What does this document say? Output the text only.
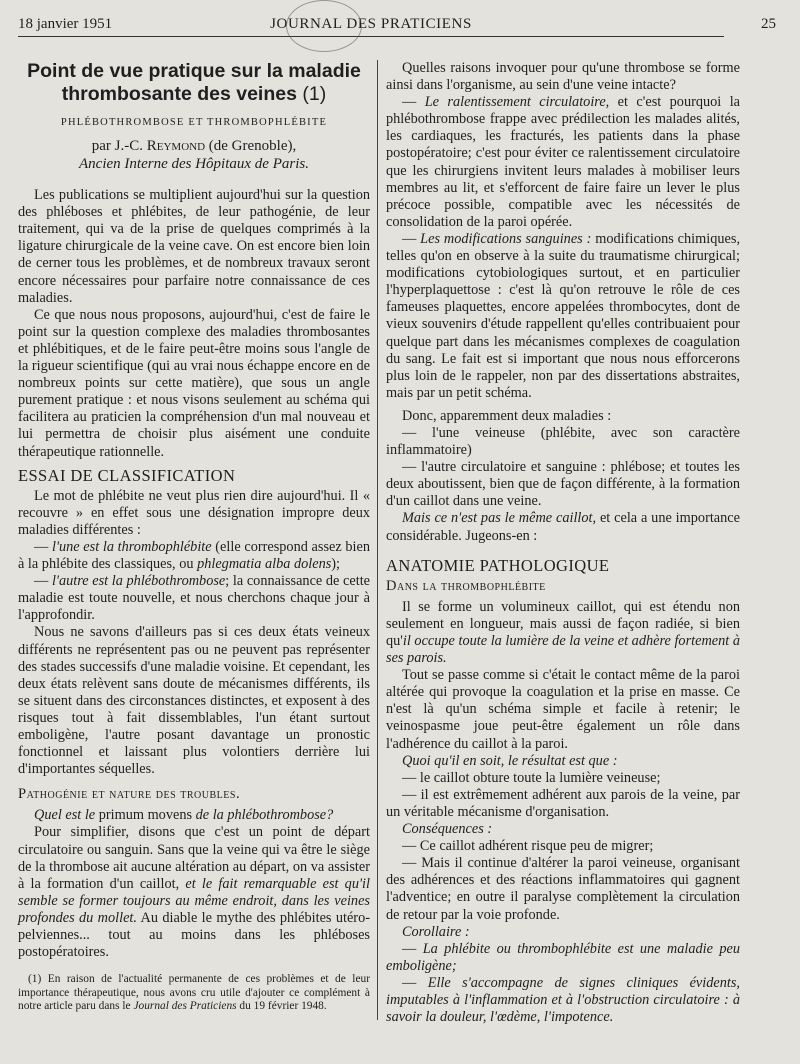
18 janvier 1951	JOURNAL DES PRATICIENS	25
Point de vue pratique sur la maladie thrombosante des veines (1)
PHLÉBOTHROMBOSE ET THROMBOPHLÉBITE
par J.-C. Reymond (de Grenoble),
Ancien Interne des Hôpitaux de Paris.

Les publications se multiplient aujourd'hui sur la question des phléboses et phlébites, de leur pathogénie, de leur traitement, qui va de la prise de quelques comprimés à la ligature chirurgicale de la veine cave. On est encore bien loin de cerner tous les problèmes, et de nombreux travaux seront encore nécessaires pour parfaire notre connaissance de ces maladies.

Ce que nous nous proposons, aujourd'hui, c'est de faire le point sur la question complexe des maladies thrombosantes et phlébitiques, et de le faire peut-être moins sous l'angle de la rigueur scientifique (qui au vrai nous échappe encore en de nombreux points sur cette matière), que sous un angle purement pratique : et nous visons seulement au schéma qui facilitera au praticien la compréhension d'un mal nouveau et lui permettra de choisir plus aisément une conduite thérapeutique rationnelle.

ESSAI DE CLASSIFICATION

Le mot de phlébite ne veut plus rien dire aujourd'hui. Il « recouvre » en effet sous une désignation impropre deux maladies différentes :

— l'une est la thrombophlébite (elle correspond assez bien à la phlébite des classiques, ou phlegmatia alba dolens);

— l'autre est la phlébothrombose; la connaissance de cette maladie est toute nouvelle, et nous cherchons chaque jour à l'approfondir.

Nous ne savons d'ailleurs pas si ces deux états veineux différents ne représentent pas ou ne peuvent pas représenter des stades successifs d'une maladie voisine. Et cependant, les deux états relèvent sans doute de mécanismes différents, ils se situent dans des circonstances distinctes, et exposent à des risques tout à fait dissemblables, l'un étant surtout emboligène, l'autre posant davantage un pronostic fonctionnel et laissant plus volontiers derrière lui d'importantes séquelles.

Pathogénie et nature des troubles.

Quel est le primum movens de la phlébothrombose?

Pour simplifier, disons que c'est un point de départ circulatoire ou sanguin. Sans que la veine qui va être le siège de la thrombose ait aucune altération au départ, on va assister à la formation d'un caillot, et le fait remarquable est qu'il semble se former toujours au même endroit, dans les veines profondes du mollet. Au diable le mythe des phlébites utéro-pelviennes... tout au moins dans les phléboses postopératoires.

(1) En raison de l'actualité permanente de ces problèmes et de leur importance thérapeutique, nous avons cru utile d'ajouter ce complément à notre article paru dans le Journal des Praticiens du 19 février 1948.

Quelles raisons invoquer pour qu'une thrombose se forme ainsi dans l'organisme, au sein d'une veine intacte?

— Le ralentissement circulatoire, et c'est pourquoi la phlébothrombose frappe avec prédilection les malades alités, les cardiaques, les fracturés, les patients dans la phase postopératoire; c'est pour éviter ce ralentissement circulatoire que les chirurgiens invitent leurs malades à mobiliser leurs membres au lit, et s'efforcent de faire faire un lever le plus précoce possible, compatible avec les nécessités de consolidation de la paroi opérée.

— Les modifications sanguines : modifications chimiques, telles qu'on en observe à la suite du traumatisme chirurgical; modifications cytobiologiques surtout, et en particulier l'hyperplaquettose : c'est là qu'on retrouve le rôle de ces fameuses plaquettes, encore appelées thrombocytes, dont de vieux souvenirs d'étude rappellent qu'elles contribuaient pour quelque part dans les mécanismes complexes de coagulation du sang. Le fait est si important que nous nous efforcerons plus loin de le rappeler, non par des dissertations abstraites, mais par un petit schéma.

Donc, apparemment deux maladies :

— l'une veineuse (phlébite, avec son caractère inflammatoire)

— l'autre circulatoire et sanguine : phlébose; et toutes les deux aboutissent, bien que de façon différente, à la formation d'un caillot dans une veine.

Mais ce n'est pas le même caillot, et cela a une importance considérable. Jugeons-en :

ANATOMIE PATHOLOGIQUE
Dans la thrombophlébite

Il se forme un volumineux caillot, qui est étendu non seulement en longueur, mais aussi de façon radiée, si bien qu'il occupe toute la lumière de la veine et adhère fortement à ses parois.

Tout se passe comme si c'était le contact même de la paroi altérée qui provoque la coagulation et la prise en masse. Ce n'est là qu'un schéma simple et facile à retenir; le veinospasme joue peut-être également un rôle dans l'adhérence du caillot à la paroi.

Quoi qu'il en soit, le résultat est que :

— le caillot obture toute la lumière veineuse;

— il est extrêmement adhérent aux parois de la veine, par un véritable mécanisme d'organisation.

Conséquences :

— Ce caillot adhérent risque peu de migrer;

— Mais il continue d'altérer la paroi veineuse, organisant des adhérences et des réactions inflammatoires qui gagnent l'adventice; en outre il paralyse complètement la circulation de retour par la voie profonde.

Corollaire :

— La phlébite ou thrombophlébite est une maladie peu emboligène;

— Elle s'accompagne de signes cliniques évidents, imputables à l'inflammation et à l'obstruction circulatoire : à savoir la douleur, l'œdème, l'impotence.
